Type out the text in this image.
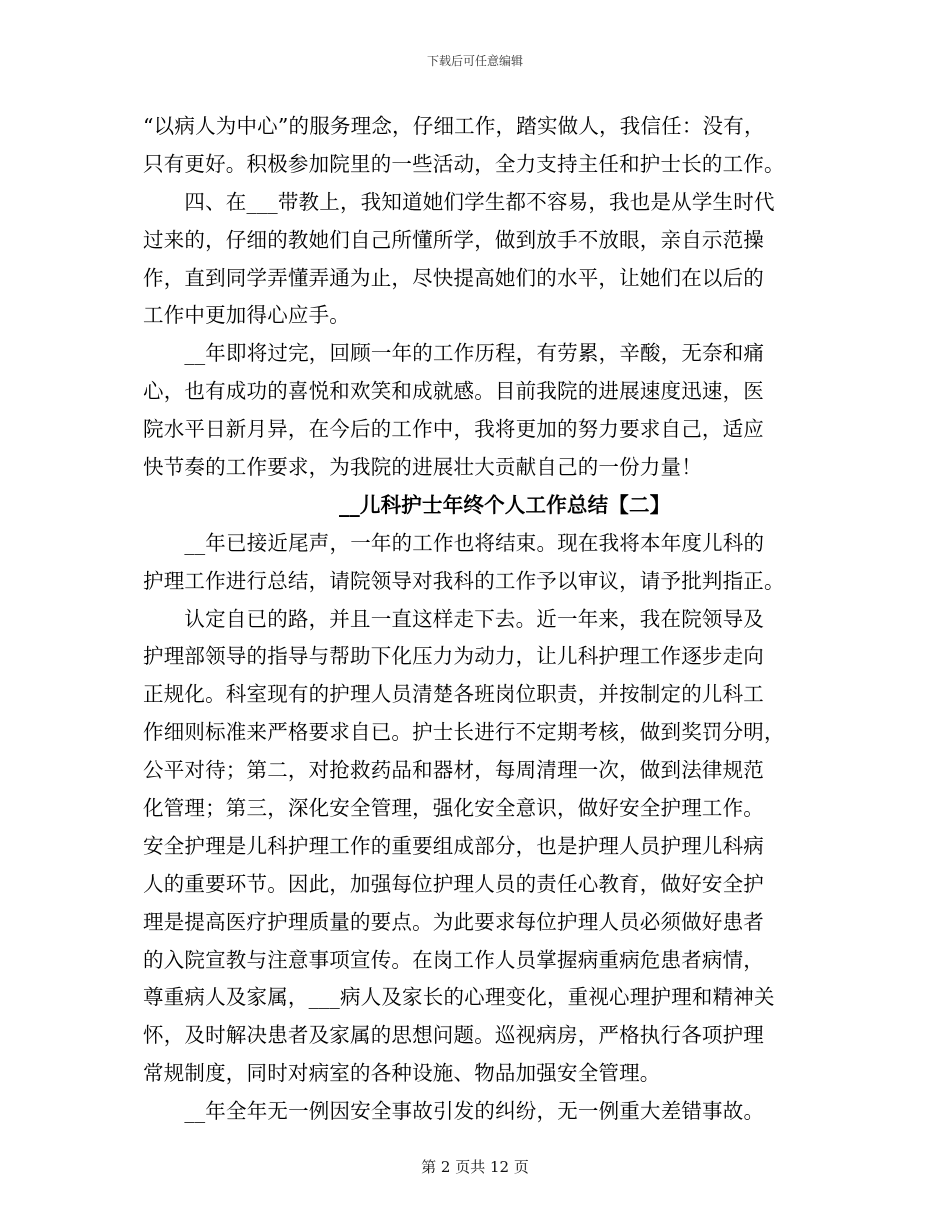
下载后可任意编辑
“以病人为中心”的服务理念，仔细工作，踏实做人，我信任：没有，
只有更好。积极参加院里的一些活动，全力支持主任和护士长的工作。
　　四、在___带教上，我知道她们学生都不容易，我也是从学生时代
过来的，仔细的教她们自己所懂所学，做到放手不放眼，亲自示范操
作，直到同学弄懂弄通为止，尽快提高她们的水平，让她们在以后的
工作中更加得心应手。
　　__年即将过完，回顾一年的工作历程，有劳累，辛酸，无奈和痛
心，也有成功的喜悦和欢笑和成就感。目前我院的进展速度迅速，医
院水平日新月异，在今后的工作中，我将更加的努力要求自己，适应
快节奏的工作要求，为我院的进展壮大贡献自己的一份力量！
__儿科护士年终个人工作总结【二】
　　__年已接近尾声，一年的工作也将结束。现在我将本年度儿科的
护理工作进行总结，请院领导对我科的工作予以审议，请予批判指正。
　　认定自已的路，并且一直这样走下去。近一年来，我在院领导及
护理部领导的指导与帮助下化压力为动力，让儿科护理工作逐步走向
正规化。科室现有的护理人员清楚各班岗位职责，并按制定的儿科工
作细则标准来严格要求自已。护士长进行不定期考核，做到奖罚分明，
公平对待；第二，对抢救药品和器材，每周清理一次，做到法律规范
化管理；第三，深化安全管理，强化安全意识，做好安全护理工作。
安全护理是儿科护理工作的重要组成部分，也是护理人员护理儿科病
人的重要环节。因此，加强每位护理人员的责任心教育，做好安全护
理是提高医疗护理质量的要点。为此要求每位护理人员必须做好患者
的入院宣教与注意事项宣传。在岗工作人员掌握病重病危患者病情，
尊重病人及家属，___病人及家长的心理变化，重视心理护理和精神关
怀，及时解决患者及家属的思想问题。巡视病房，严格执行各项护理
常规制度，同时对病室的各种设施、物品加强安全管理。
　　__年全年无一例因安全事故引发的纠纷，无一例重大差错事故。
第 2 页共 12 页
